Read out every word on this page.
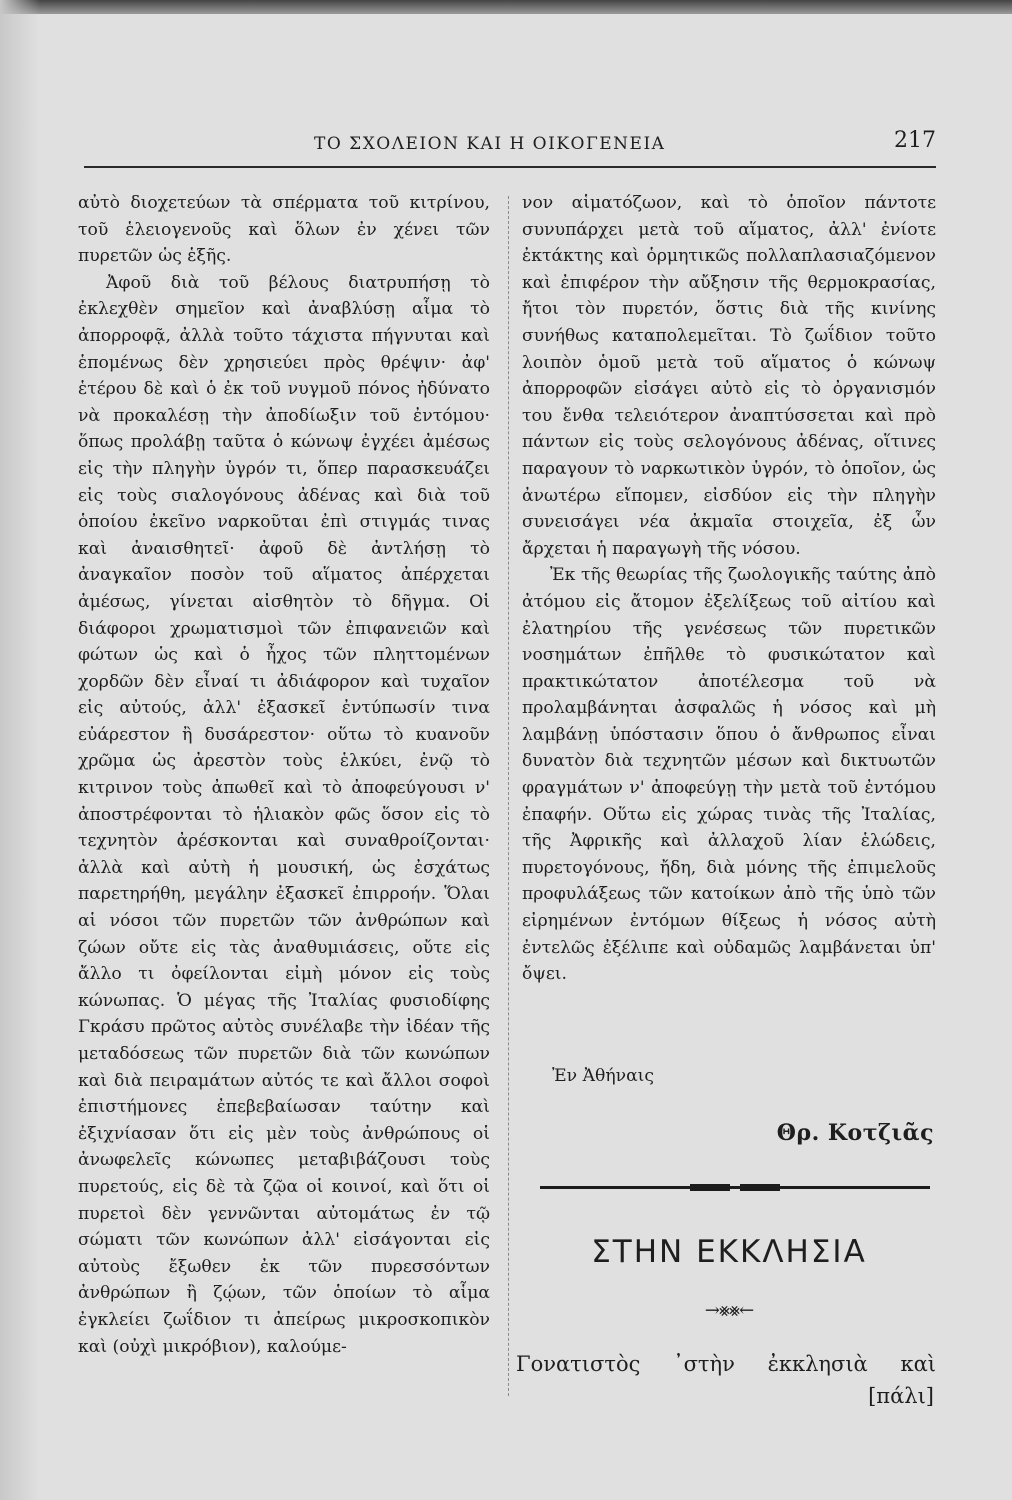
ΤΟ ΣΧΟΛΕΙΟΝ ΚΑΙ Η ΟΙΚΟΓΕΝΕΙΑ	217

αὐτὸ διοχετεύων τὰ σπέρματα τοῦ κιτρίνου, τοῦ ἑλειογενοῦς καὶ ὅλων ἐν χένει τῶν πυρετῶν ὡς ἑξῆς.

Ἀφοῦ διὰ τοῦ βέλους διατρυπήσῃ τὸ ἐκλεχθὲν σημεῖον καὶ ἀναβλύσῃ αἷμα τὸ ἀπορροφᾷ, ἀλλὰ τοῦτο τάχιστα πήγνυται καὶ ἑπομένως δὲν χρησιεύει πρὸς θρέψιν· ἀφ' ἑτέρου δὲ καὶ ὁ ἐκ τοῦ νυγμοῦ πόνος ἠδύνατο νὰ προκαλέσῃ τὴν ἀποδίωξιν τοῦ ἐντόμου· ὅπως προλάβῃ ταῦτα ὁ κώνωψ ἐγχέει ἀμέσως εἰς τὴν πληγὴν ὑγρόν τι, ὅπερ παρασκευάζει εἰς τοὺς σιαλογόνους ἀδένας καὶ διὰ τοῦ ὁποίου ἐκεῖνο ναρκοῦται ἐπὶ στιγμάς τινας καὶ ἀναισθητεῖ· ἀφοῦ δὲ ἀντλήσῃ τὸ ἀναγκαῖον ποσὸν τοῦ αἵματος ἀπέρχεται ἀμέσως, γίνεται αἰσθητὸν τὸ δῆγμα. Οἱ διάφοροι χρωματισμοὶ τῶν ἐπιφανειῶν καὶ φώτων ὡς καὶ ὁ ἦχος τῶν πληττομένων χορδῶν δὲν εἶναί τι ἀδιάφορον καὶ τυχαῖον εἰς αὐτούς, ἀλλ' ἐξασκεῖ ἐντύπωσίν τινα εὐάρεστον ἢ δυσάρεστον· οὕτω τὸ κυανοῦν χρῶμα ὡς ἀρεστὸν τοὺς ἑλκύει, ἐνῷ τὸ κιτρινον τοὺς ἀπωθεῖ καὶ τὸ ἀποφεύγουσι ν' ἀποστρέφονται τὸ ἡλιακὸν φῶς ὅσον εἰς τὸ τεχνητὸν ἀρέσκονται καὶ συναθροίζονται· ἀλλὰ καὶ αὐτὴ ἡ μουσική, ὡς ἐσχάτως παρετηρήθη, μεγάλην ἐξασκεῖ ἐπιρροήν. Ὅλαι αἱ νόσοι τῶν πυρετῶν τῶν ἀνθρώπων καὶ ζώων οὔτε εἰς τὰς ἀναθυμιάσεις, οὔτε εἰς ἄλλο τι ὀφείλονται εἰμὴ μόνον εἰς τοὺς κώνωπας. Ὁ μέγας τῆς Ἰταλίας φυσιοδίφης Γκράσυ πρῶτος αὐτὸς συνέλαβε τὴν ἰδέαν τῆς μεταδόσεως τῶν πυρετῶν διὰ τῶν κωνώπων καὶ διὰ πειραμάτων αὐτός τε καὶ ἄλλοι σοφοὶ ἐπιστήμονες ἐπεβεβαίωσαν ταύτην καὶ ἐξιχνίασαν ὅτι εἰς μὲν τοὺς ἀνθρώπους οἱ ἀνωφελεῖς κώνωπες μεταβιβάζουσι τοὺς πυρετούς, εἰς δὲ τὰ ζῷα οἱ κοινοί, καὶ ὅτι οἱ πυρετοὶ δὲν γεννῶνται αὐτομάτως ἐν τῷ σώματι τῶν κωνώπων ἀλλ' εἰσάγονται εἰς αὐτοὺς ἔξωθεν ἐκ τῶν πυρεσσόντων ἀνθρώπων ἢ ζῴων, τῶν ὁποίων τὸ αἷμα ἐγκλείει ζωΐδιον τι ἀπείρως μικροσκοπικὸν καὶ (οὐχὶ μικρόβιον), καλούμε-

νον αἱματόζωον, καὶ τὸ ὁποῖον πάντοτε συνυπάρχει μετὰ τοῦ αἵματος, ἀλλ' ἐνίοτε ἐκτάκτης καὶ ὁρμητικῶς πολλαπλασιαζόμενον καὶ ἐπιφέρον τὴν αὔξησιν τῆς θερμοκρασίας, ἤτοι τὸν πυρετόν, ὅστις διὰ τῆς κινίνης συνήθως καταπολεμεῖται. Τὸ ζωΐδιον τοῦτο λοιπὸν ὁμοῦ μετὰ τοῦ αἵματος ὁ κώνωψ ἀπορροφῶν εἰσάγει αὐτὸ εἰς τὸ ὀργανισμόν του ἔνθα τελειότερον ἀναπτύσσεται καὶ πρὸ πάντων εἰς τοὺς σελογόνους ἀδένας, οἵτινες παραγουν τὸ ναρκωτικὸν ὑγρόν, τὸ ὁποῖον, ὡς ἀνωτέρω εἴπομεν, εἰσδύον εἰς τὴν πληγὴν συνεισάγει νέα ἀκμαῖα στοιχεῖα, ἐξ ὧν ἄρχεται ἡ παραγωγὴ τῆς νόσου.

Ἐκ τῆς θεωρίας τῆς ζωολογικῆς ταύτης ἀπὸ ἀτόμου εἰς ἄτομον ἐξελίξεως τοῦ αἰτίου καὶ ἐλατηρίου τῆς γενέσεως τῶν πυρετικῶν νοσημάτων ἐπῆλθε τὸ φυσικώτατον καὶ πρακτικώτατον ἀποτέλεσμα τοῦ νὰ προλαμβάνηται ἀσφαλῶς ἡ νόσος καὶ μὴ λαμβάνῃ ὑπόστασιν ὅπου ὁ ἄνθρωπος εἶναι δυνατὸν διὰ τεχνητῶν μέσων καὶ δικτυωτῶν φραγμάτων ν' ἀποφεύγῃ τὴν μετὰ τοῦ ἐντόμου ἐπαφήν. Οὕτω εἰς χώρας τινὰς τῆς Ἰταλίας, τῆς Ἀφρικῆς καὶ ἀλλαχοῦ λίαν ἑλώδεις, πυρετογόνους, ἤδη, διὰ μόνης τῆς ἐπιμελοῦς προφυλάξεως τῶν κατοίκων ἀπὸ τῆς ὑπὸ τῶν εἰρημένων ἐντόμων θίξεως ἡ νόσος αὐτὴ ἐντελῶς ἐξέλιπε καὶ οὐδαμῶς λαμβάνεται ὑπ' ὄψει.

Ἐν Ἀθήναις
Θρ. Κοτζιᾶς
ΣΤΗΝ ΕΚΚΛΗΣΙΑ
→⨳⨳←
Γονατιστὸς ᾽στὴν ἐκκλησιὰ καὶ
[πάλι]
